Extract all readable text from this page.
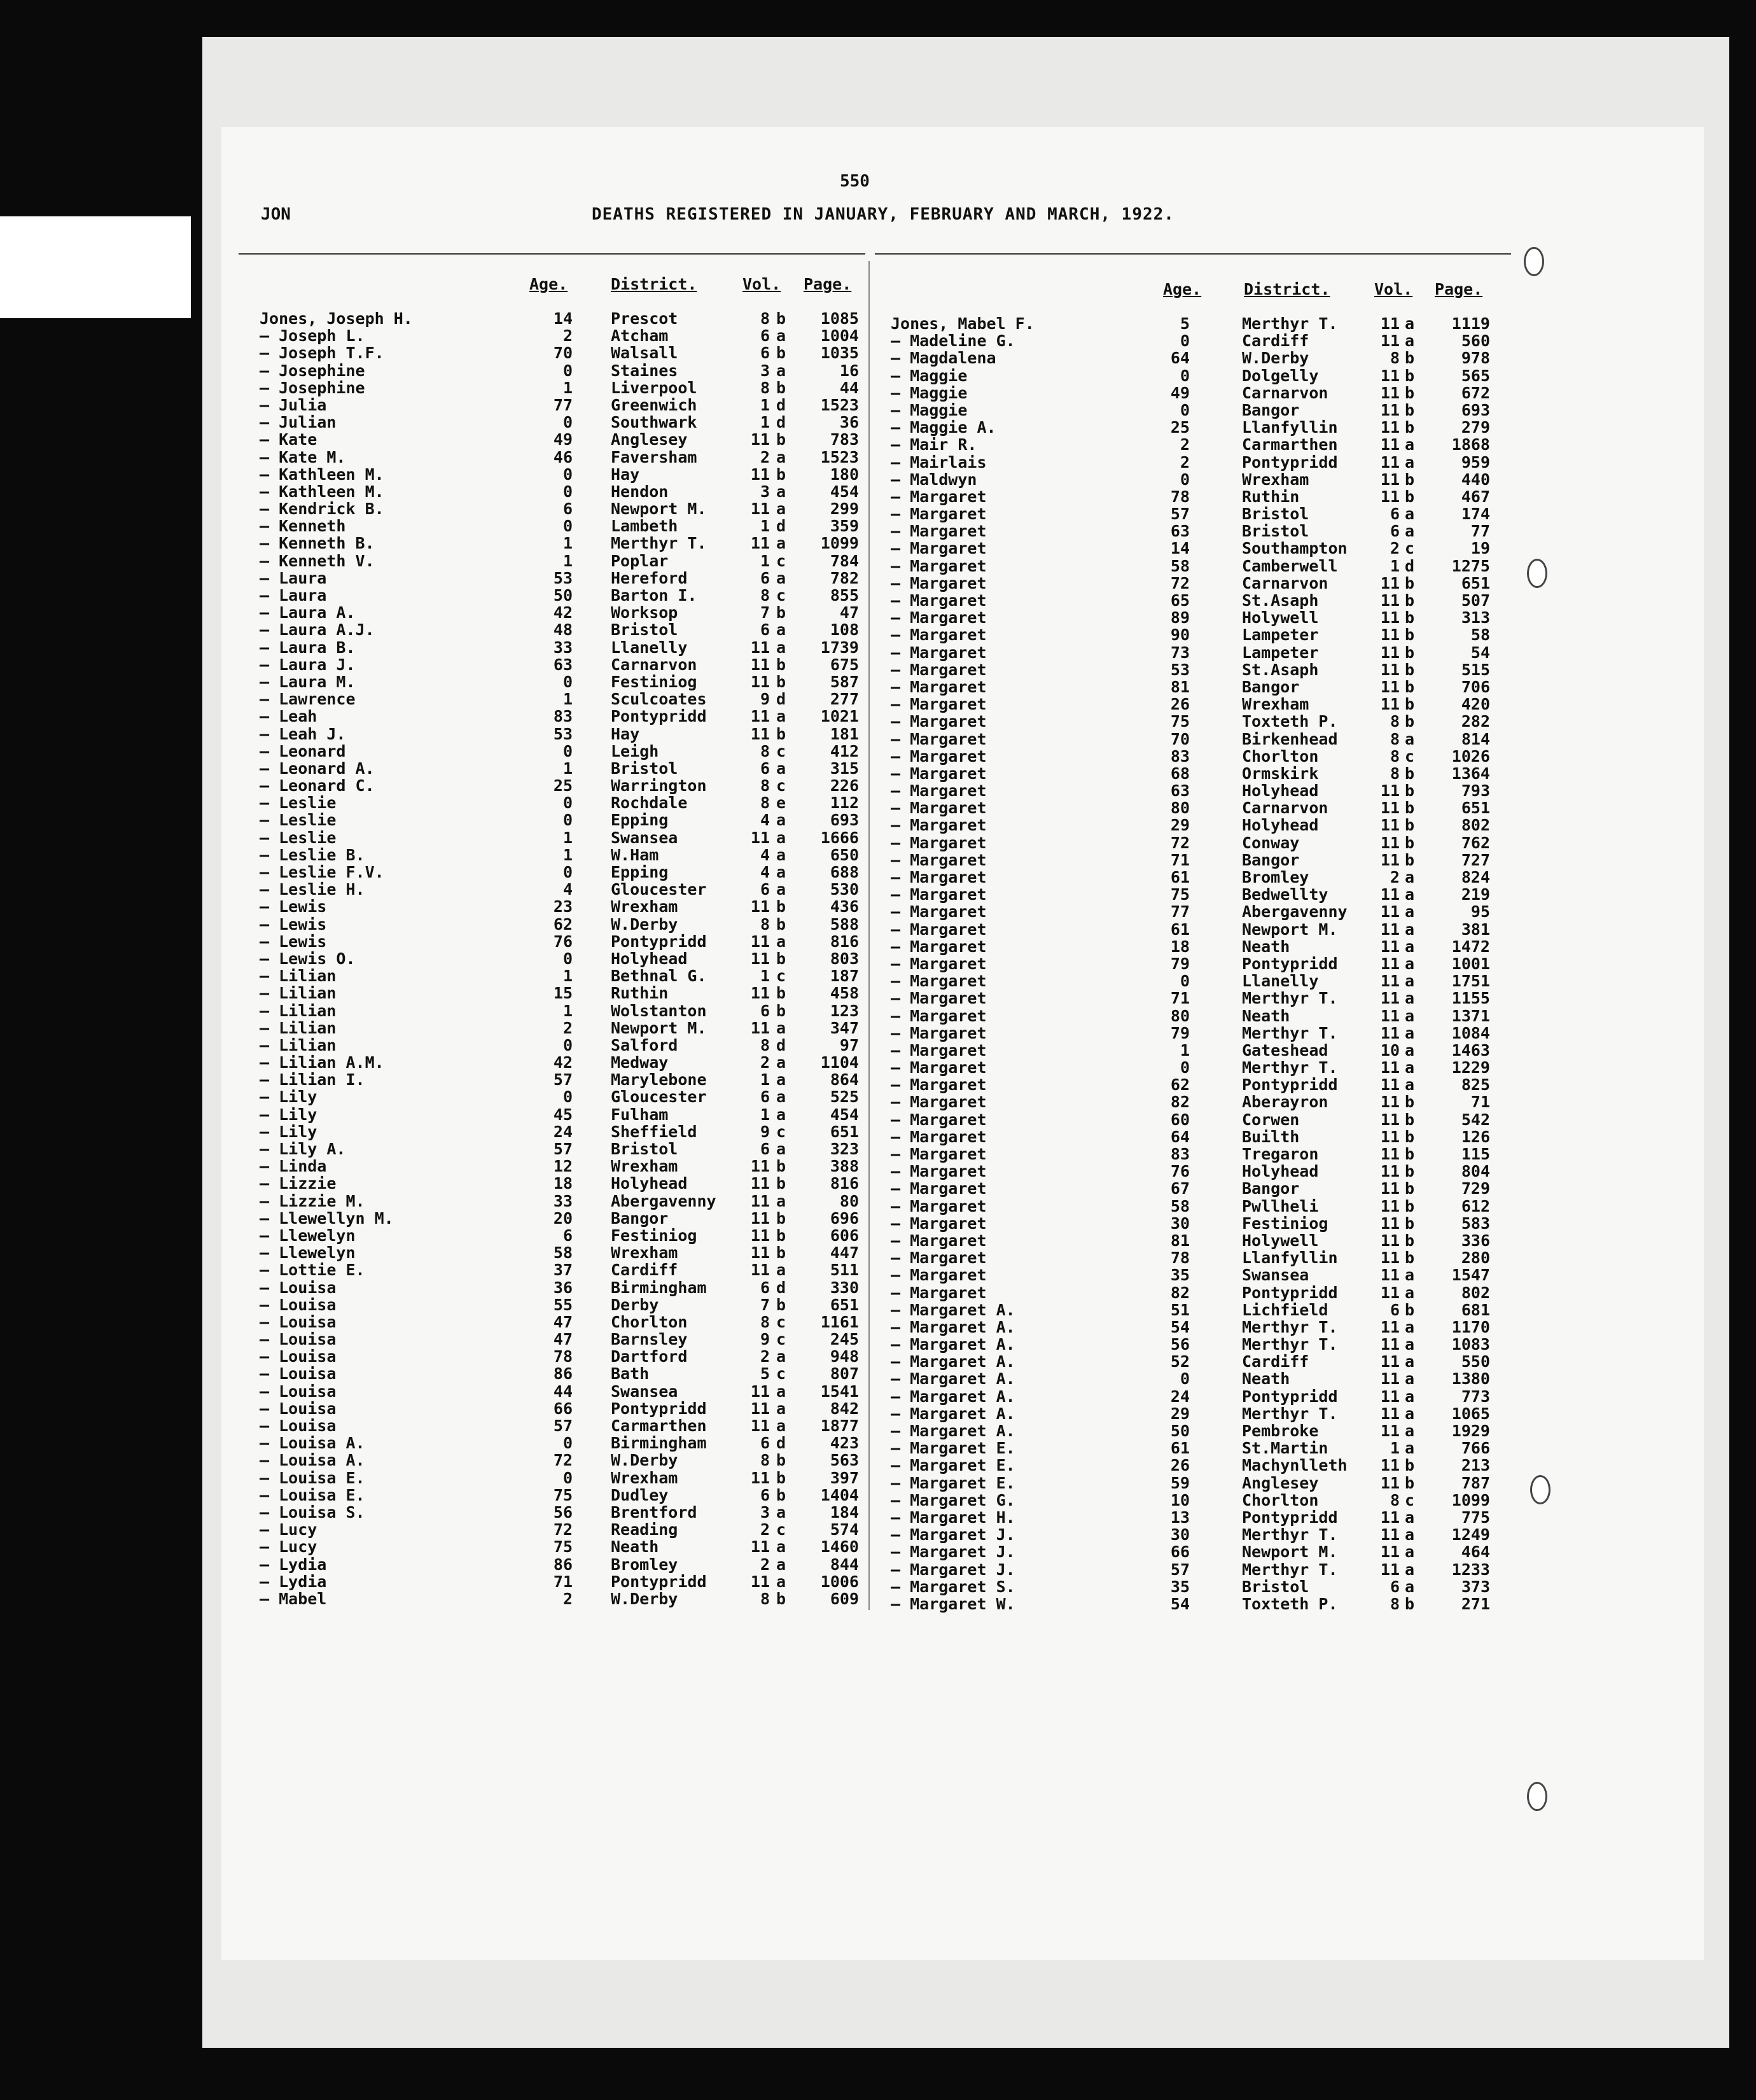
550
JON	DEATHS REGISTERED IN JANUARY, FEBRUARY AND MARCH, 1922.
Age.	District.	Vol. Page.	Age.	District.	Vol. Page.
Jones, Joseph H.	14 Prescot	8 b	1085
— Joseph L.	2 Atcham	6 a	1004
— Joseph T.F.	70 Walsall	6 b	1035
— Josephine	0 Staines	3 a	16
— Josephine	1 Liverpool	8 b	44
— Julia	77 Greenwich	1 d	1523
— Julian	0 Southwark	1 d	36
— Kate	49 Anglesey	11 b	783
— Kate M.	46 Faversham	2 a	1523
— Kathleen M.	0 Hay	11 b	180
— Kathleen M.	0 Hendon	3 a	454
— Kendrick B.	6 Newport M.	11 a	299
— Kenneth	0 Lambeth	1 d	359
— Kenneth B.	1 Merthyr T.	11 a	1099
— Kenneth V.	1 Poplar	1 c	784
— Laura	53 Hereford	6 a	782
— Laura	50 Barton I.	8 c	855
— Laura A.	42 Worksop	7 b	47
— Laura A.J.	48 Bristol	6 a	108
— Laura B.	33 Llanelly	11 a	1739
— Laura J.	63 Carnarvon	11 b	675
— Laura M.	0 Festiniog	11 b	587
— Lawrence	1 Sculcoates	9 d	277
— Leah	83 Pontypridd	11 a	1021
— Leah J.	53 Hay	11 b	181
— Leonard	0 Leigh	8 c	412
— Leonard A.	1 Bristol	6 a	315
— Leonard C.	25 Warrington	8 c	226
— Leslie	0 Rochdale	8 e	112
— Leslie	0 Epping	4 a	693
— Leslie	1 Swansea	11 a	1666
— Leslie B.	1 W.Ham	4 a	650
— Leslie F.V.	0 Epping	4 a	688
— Leslie H.	4 Gloucester	6 a	530
— Lewis	23 Wrexham	11 b	436
— Lewis	62 W.Derby	8 b	588
— Lewis	76 Pontypridd	11 a	816
— Lewis O.	0 Holyhead	11 b	803
— Lilian	1 Bethnal G.	1 c	187
— Lilian	15 Ruthin	11 b	458
— Lilian	1 Wolstanton	6 b	123
— Lilian	2 Newport M.	11 a	347
— Lilian	0 Salford	8 d	97
— Lilian A.M.	42 Medway	2 a	1104
— Lilian I.	57 Marylebone	1 a	864
— Lily	0 Gloucester	6 a	525
— Lily	45 Fulham	1 a	454
— Lily	24 Sheffield	9 c	651
— Lily A.	57 Bristol	6 a	323
— Linda	12 Wrexham	11 b	388
— Lizzie	18 Holyhead	11 b	816
— Lizzie M.	33 Abergavenny	11 a	80
— Llewellyn M.	20 Bangor	11 b	696
— Llewelyn	6 Festiniog	11 b	606
— Llewelyn	58 Wrexham	11 b	447
— Lottie E.	37 Cardiff	11 a	511
— Louisa	36 Birmingham	6 d	330
— Louisa	55 Derby	7 b	651
— Louisa	47 Chorlton	8 c	1161
— Louisa	47 Barnsley	9 c	245
— Louisa	78 Dartford	2 a	948
— Louisa	86 Bath	5 c	807
— Louisa	44 Swansea	11 a	1541
— Louisa	66 Pontypridd	11 a	842
— Louisa	57 Carmarthen	11 a	1877
— Louisa A.	0 Birmingham	6 d	423
— Louisa A.	72 W.Derby	8 b	563
— Louisa E.	0 Wrexham	11 b	397
— Louisa E.	75 Dudley	6 b	1404
— Louisa S.	56 Brentford	3 a	184
— Lucy	72 Reading	2 c	574
— Lucy	75 Neath	11 a	1460
— Lydia	86 Bromley	2 a	844
— Lydia	71 Pontypridd	11 a	1006
— Mabel	2 W.Derby	8 b	609
Jones, Mabel F.	5	Merthyr T.	11 a	1119
— Madeline G.	0	Cardiff	11 a	560
— Magdalena	64	W.Derby	8 b	978
— Maggie	0	Dolgelly	11 b	565
— Maggie	49	Carnarvon	11 b	672
— Maggie	0	Bangor	11 b	693
— Maggie A.	25	Llanfyllin	11 b	279
— Mair R.	2	Carmarthen	11 a	1868
— Mairlais	2	Pontypridd	11 a	959
— Maldwyn	0	Wrexham	11 b	440
— Margaret	78	Ruthin	11 b	467
— Margaret	57	Bristol	6 a	174
— Margaret	63	Bristol	6 a	77
— Margaret	14	Southampton	2 c	19
— Margaret	58	Camberwell	1 d	1275
— Margaret	72	Carnarvon	11 b	651
— Margaret	65	St.Asaph	11 b	507
— Margaret	89	Holywell	11 b	313
— Margaret	90	Lampeter	11 b	58
— Margaret	73	Lampeter	11 b	54
— Margaret	53	St.Asaph	11 b	515
— Margaret	81	Bangor	11 b	706
— Margaret	26	Wrexham	11 b	420
— Margaret	75	Toxteth P.	8 b	282
— Margaret	70	Birkenhead	8 a	814
— Margaret	83	Chorlton	8 c	1026
— Margaret	68	Ormskirk	8 b	1364
— Margaret	63	Holyhead	11 b	793
— Margaret	80	Carnarvon	11 b	651
— Margaret	29	Holyhead	11 b	802
— Margaret	72	Conway	11 b	762
— Margaret	71	Bangor	11 b	727
— Margaret	61	Bromley	2 a	824
— Margaret	75	Bedwellty	11 a	219
— Margaret	77	Abergavenny	11 a	95
— Margaret	61	Newport M.	11 a	381
— Margaret	18	Neath	11 a	1472
— Margaret	79	Pontypridd	11 a	1001
— Margaret	0	Llanelly	11 a	1751
— Margaret	71	Merthyr T.	11 a	1155
— Margaret	80	Neath	11 a	1371
— Margaret	79	Merthyr T.	11 a	1084
— Margaret	1	Gateshead	10 a	1463
— Margaret	0	Merthyr T.	11 a	1229
— Margaret	62	Pontypridd	11 a	825
— Margaret	82	Aberayron	11 b	71
— Margaret	60	Corwen	11 b	542
— Margaret	64	Builth	11 b	126
— Margaret	83	Tregaron	11 b	115
— Margaret	76	Holyhead	11 b	804
— Margaret	67	Bangor	11 b	729
— Margaret	58	Pwllheli	11 b	612
— Margaret	30	Festiniog	11 b	583
— Margaret	81	Holywell	11 b	336
— Margaret	78	Llanfyllin	11 b	280
— Margaret	35	Swansea	11 a	1547
— Margaret	82	Pontypridd	11 a	802
— Margaret A.	51	Lichfield	6 b	681
— Margaret A.	54	Merthyr T.	11 a	1170
— Margaret A.	56	Merthyr T.	11 a	1083
— Margaret A.	52	Cardiff	11 a	550
— Margaret A.	0	Neath	11 a	1380
— Margaret A.	24	Pontypridd	11 a	773
— Margaret A.	29	Merthyr T.	11 a	1065
— Margaret A.	50	Pembroke	11 a	1929
— Margaret E.	61	St.Martin	1 a	766
— Margaret E.	26	Machynlleth	11 b	213
— Margaret E.	59	Anglesey	11 b	787
— Margaret G.	10	Chorlton	8 c	1099
— Margaret H.	13	Pontypridd	11 a	775
— Margaret J.	30	Merthyr T.	11 a	1249
— Margaret J.	66	Newport M.	11 a	464
— Margaret J.	57	Merthyr T.	11 a	1233
— Margaret S.	35	Bristol	6 a	373
— Margaret W.	54	Toxteth P.	8 b	271
